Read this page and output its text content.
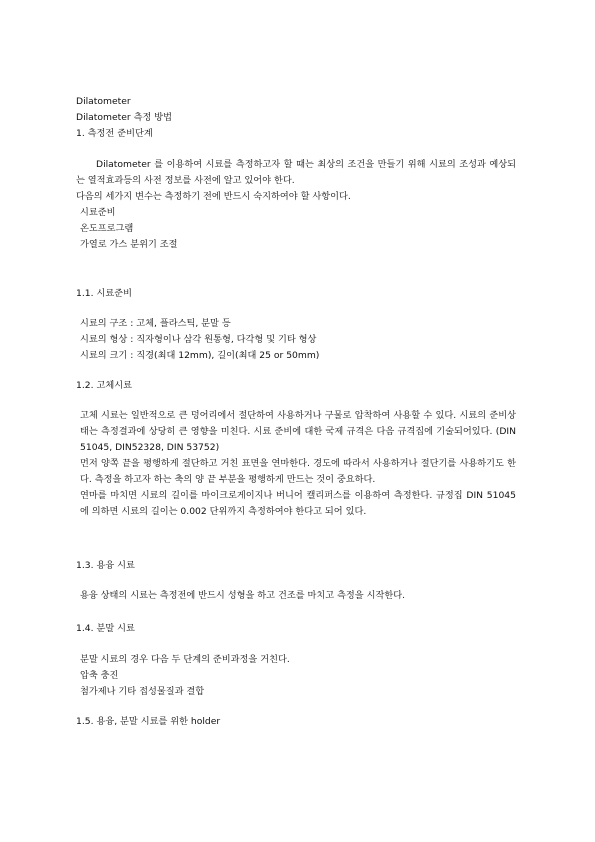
Dilatometer
Dilatometer 측정 방법
1. 측정전 준비단계

Dilatometer 를 이용하여 시료를 측정하고자 할 때는 최상의 조건을 만들기 위해 시료의 조성과 예상되는 열적효과등의 사전 정보를 사전에 알고 있어야 한다.

다음의 세가지 변수는 측정하기 전에 반드시 숙지하여야 할 사항이다.

시료준비
온도프로그램
가열로 가스 분위기 조절
1.1. 시료준비
시료의 구조 : 고체, 플라스틱, 분말 등
시료의 형상 : 직자형이나 삼각 원통형, 다각형 및 기타 형상
시료의 크기 : 직경(최대 12mm), 길이(최대 25 or 50mm)
1.2. 고체시료

고체 시료는 일반적으로 큰 덩어리에서 절단하여 사용하거나 구물로 압착하여 사용할 수 있다. 시료의 준비상태는 측정결과에 상당히 큰 영향을 미친다. 시료 준비에 대한 국제 규격은 다음 규격집에 기술되어있다. (DIN 51045, DIN52328, DIN 53752)

먼저 양쪽 끝을 평행하게 절단하고 거친 표면을 연마한다. 경도에 따라서 사용하거나 절단기를 사용하기도 한다. 측정을 하고자 하는 축의 양 끝 부분을 평행하게 만드는 것이 중요하다.

연마를 마치면 시료의 길이를 마이크로게이지나 버니어 캘리퍼스를 이용하여 측정한다. 규정집 DIN 51045 에 의하면 시료의 길이는 0.002 단위까지 측정하여야 한다고 되어 있다.

1.3. 용융 시료
용융 상태의 시료는 측정전에 반드시 성형을 하고 건조를 마치고 측정을 시작한다.
1.4. 분말 시료
분말 시료의 경우 다음 두 단계의 준비과정을 거친다.
압축 충진
첨가제나 기타 접성물질과 결합
1.5. 용융, 분말 시료를 위한 holder
